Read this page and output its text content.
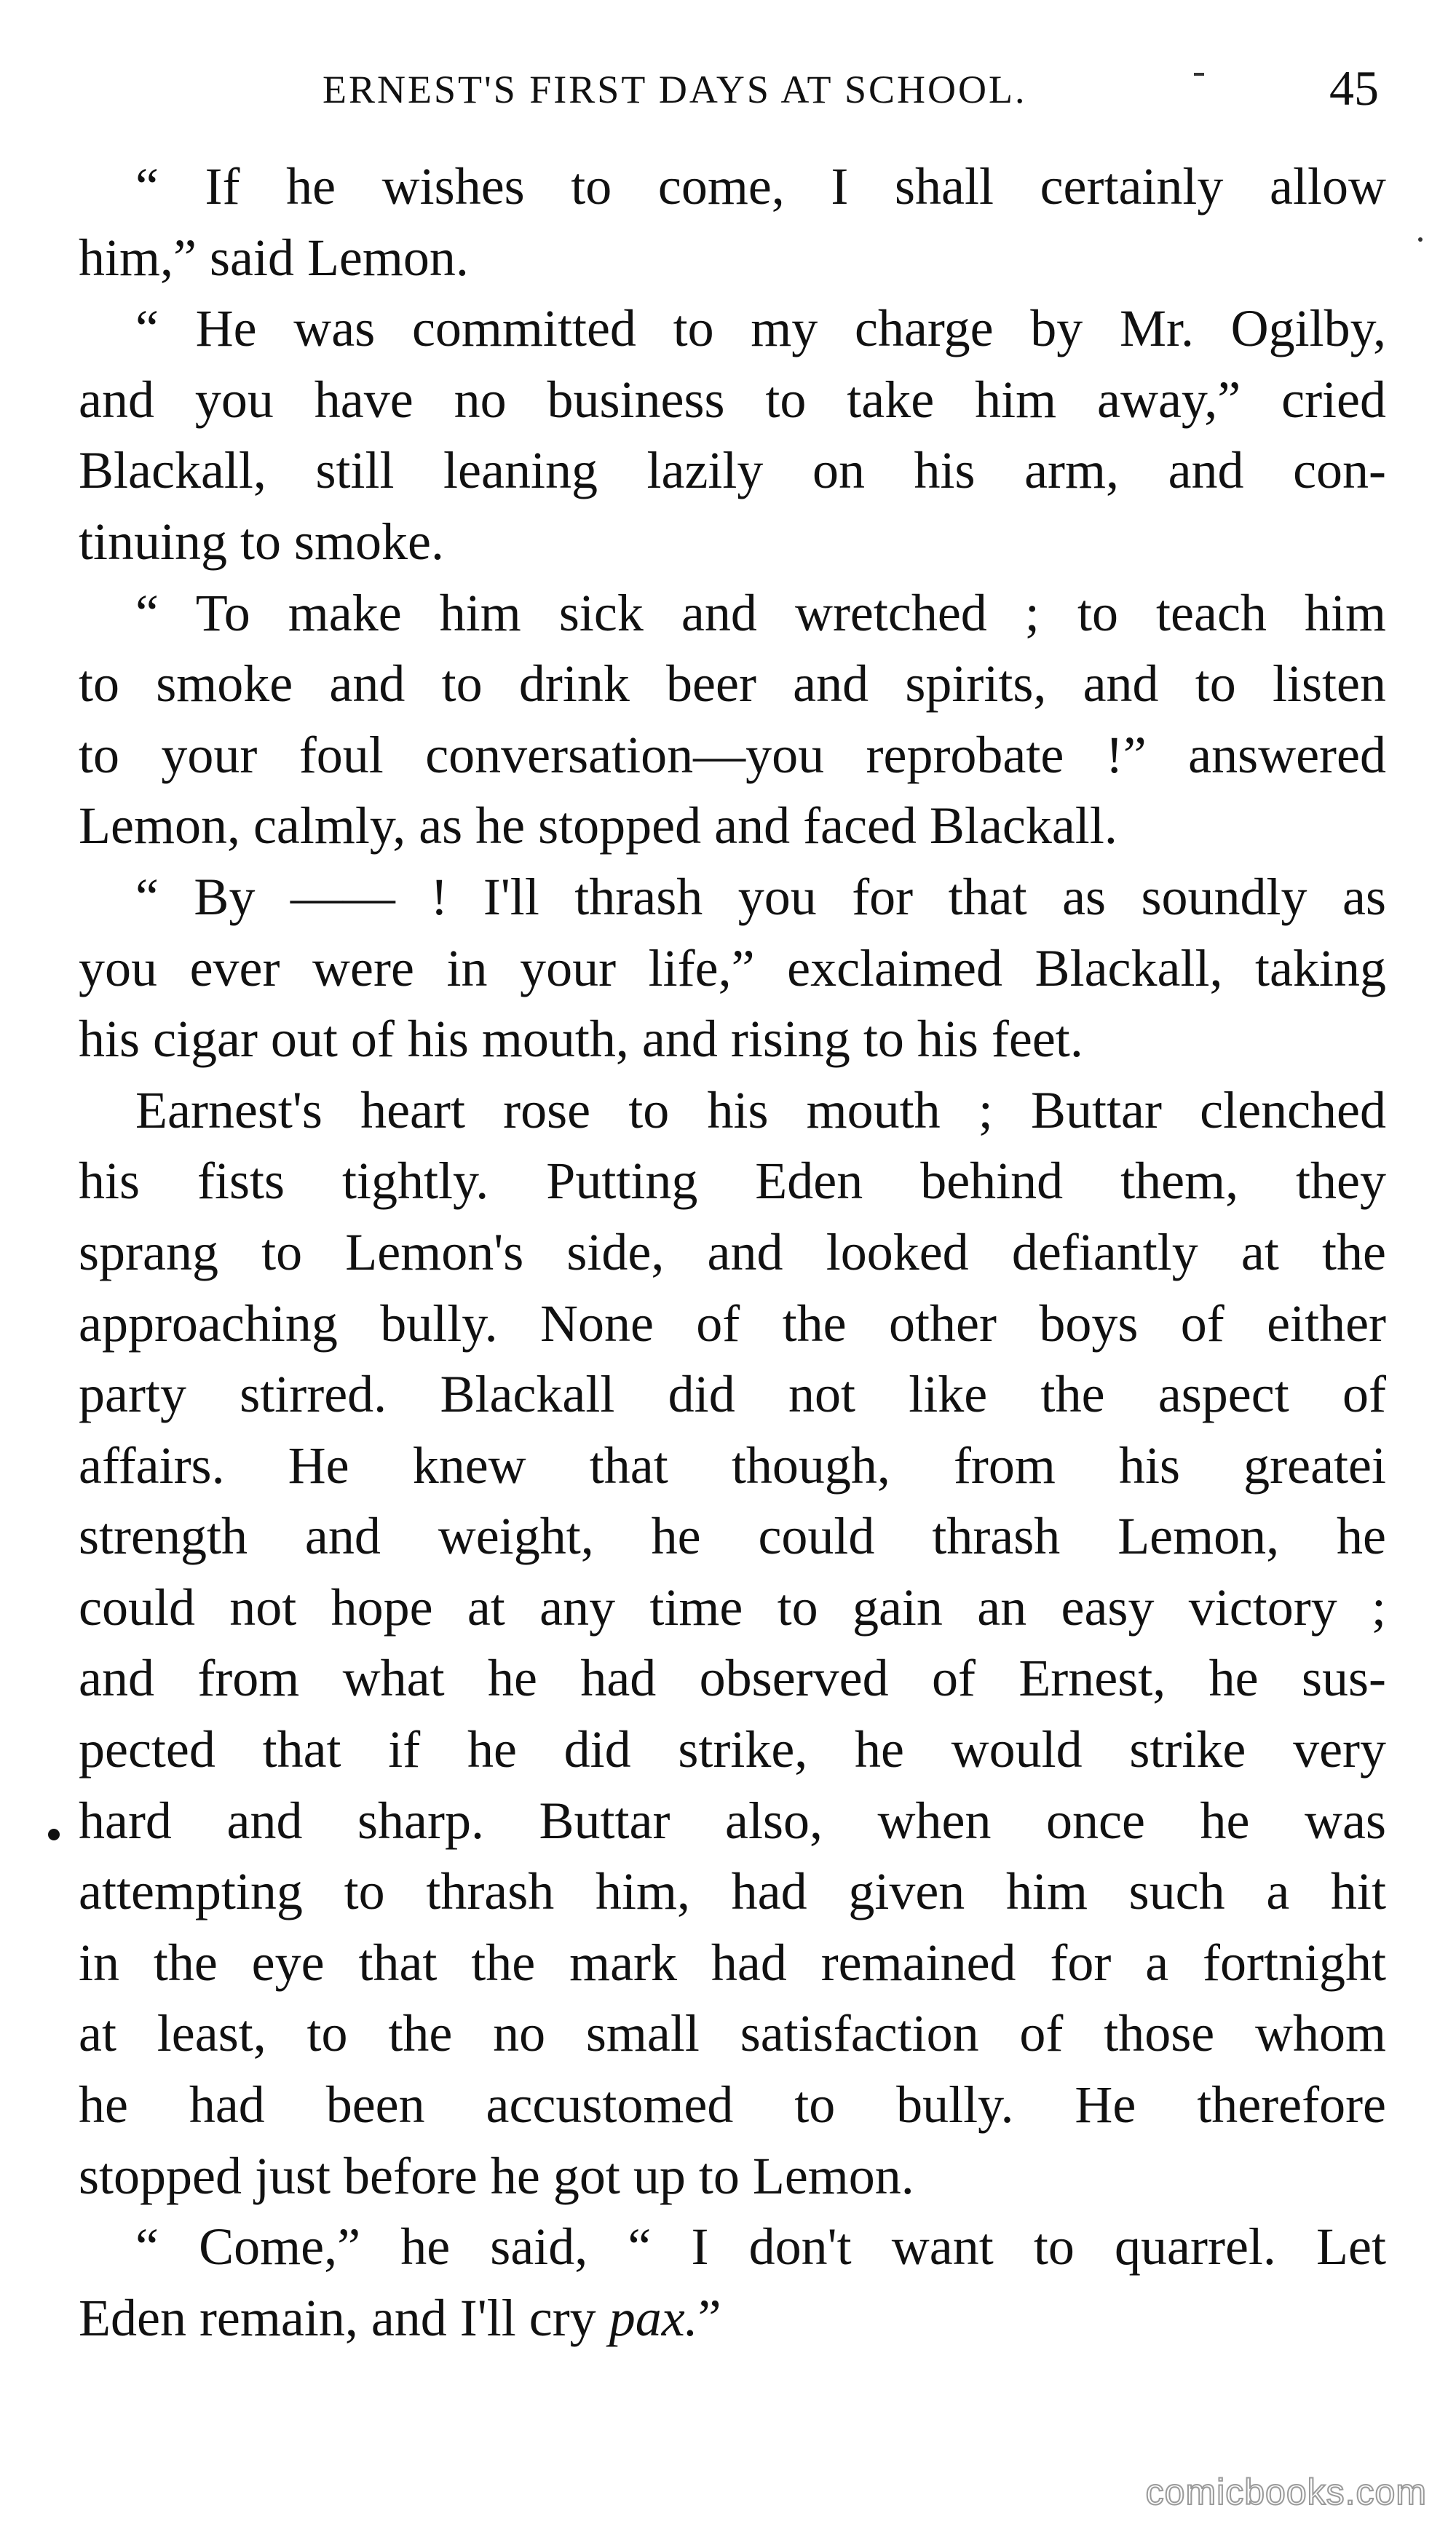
ERNEST'S FIRST DAYS AT SCHOOL.	45
“ If he wishes to come, I shall certainly allow
him,” said Lemon.
“ He was committed to my charge by Mr. Ogilby,
and you have no business to take him away,” cried
Blackall, still leaning lazily on his arm, and con-
tinuing to smoke.
“ To make him sick and wretched ; to teach him
to smoke and to drink beer and spirits, and to listen
to your foul conversation—you reprobate !” answered
Lemon, calmly, as he stopped and faced Blackall.
“ By —— ! I'll thrash you for that as soundly as
you ever were in your life,” exclaimed Blackall, taking
his cigar out of his mouth, and rising to his feet.
Earnest's heart rose to his mouth ; Buttar clenched
his fists tightly. Putting Eden behind them, they
sprang to Lemon's side, and looked defiantly at the
approaching bully. None of the other boys of either
party stirred. Blackall did not like the aspect of
affairs. He knew that though, from his greatei
strength and weight, he could thrash Lemon, he
could not hope at any time to gain an easy victory ;
and from what he had observed of Ernest, he sus-
pected that if he did strike, he would strike very
hard and sharp. Buttar also, when once he was
attempting to thrash him, had given him such a hit
in the eye that the mark had remained for a fortnight
at least, to the no small satisfaction of those whom
he had been accustomed to bully. He therefore
stopped just before he got up to Lemon.
“ Come,” he said, “ I don't want to quarrel. Let
Eden remain, and I'll cry pax.”
comicbooks.com
